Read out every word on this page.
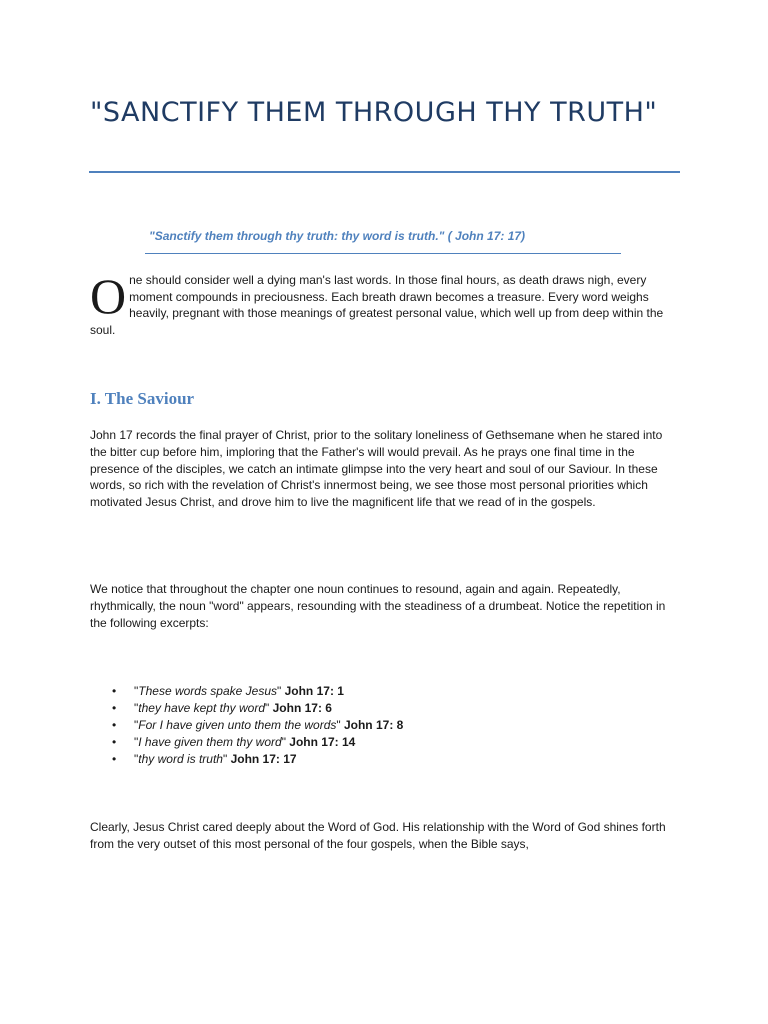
"SANCTIFY THEM THROUGH THY TRUTH"
"Sanctify them through thy truth: thy word is truth." ( John 17: 17)
One should consider well a dying man's last words. In those final hours, as death draws nigh, every moment compounds in preciousness. Each breath drawn becomes a treasure. Every word weighs heavily, pregnant with those meanings of greatest personal value, which well up from deep within the soul.
I. The Saviour

John 17 records the final prayer of Christ, prior to the solitary loneliness of Gethsemane when he stared into the bitter cup before him, imploring that the Father's will would prevail. As he prays one final time in the presence of the disciples, we catch an intimate glimpse into the very heart and soul of our Saviour. In these words, so rich with the revelation of Christ's innermost being, we see those most personal priorities which motivated Jesus Christ, and drove him to live the magnificent life that we read of in the gospels.

We notice that throughout the chapter one noun continues to resound, again and again. Repeatedly, rhythmically, the noun "word" appears, resounding with the steadiness of a drumbeat. Notice the repetition in the following excerpts:

• "These words spake Jesus" John 17: 1
• "they have kept thy word" John 17: 6
• "For I have given unto them the words" John 17: 8
• "I have given them thy word" John 17: 14
• "thy word is truth" John 17: 17

Clearly, Jesus Christ cared deeply about the Word of God. His relationship with the Word of God shines forth from the very outset of this most personal of the four gospels, when the Bible says,
